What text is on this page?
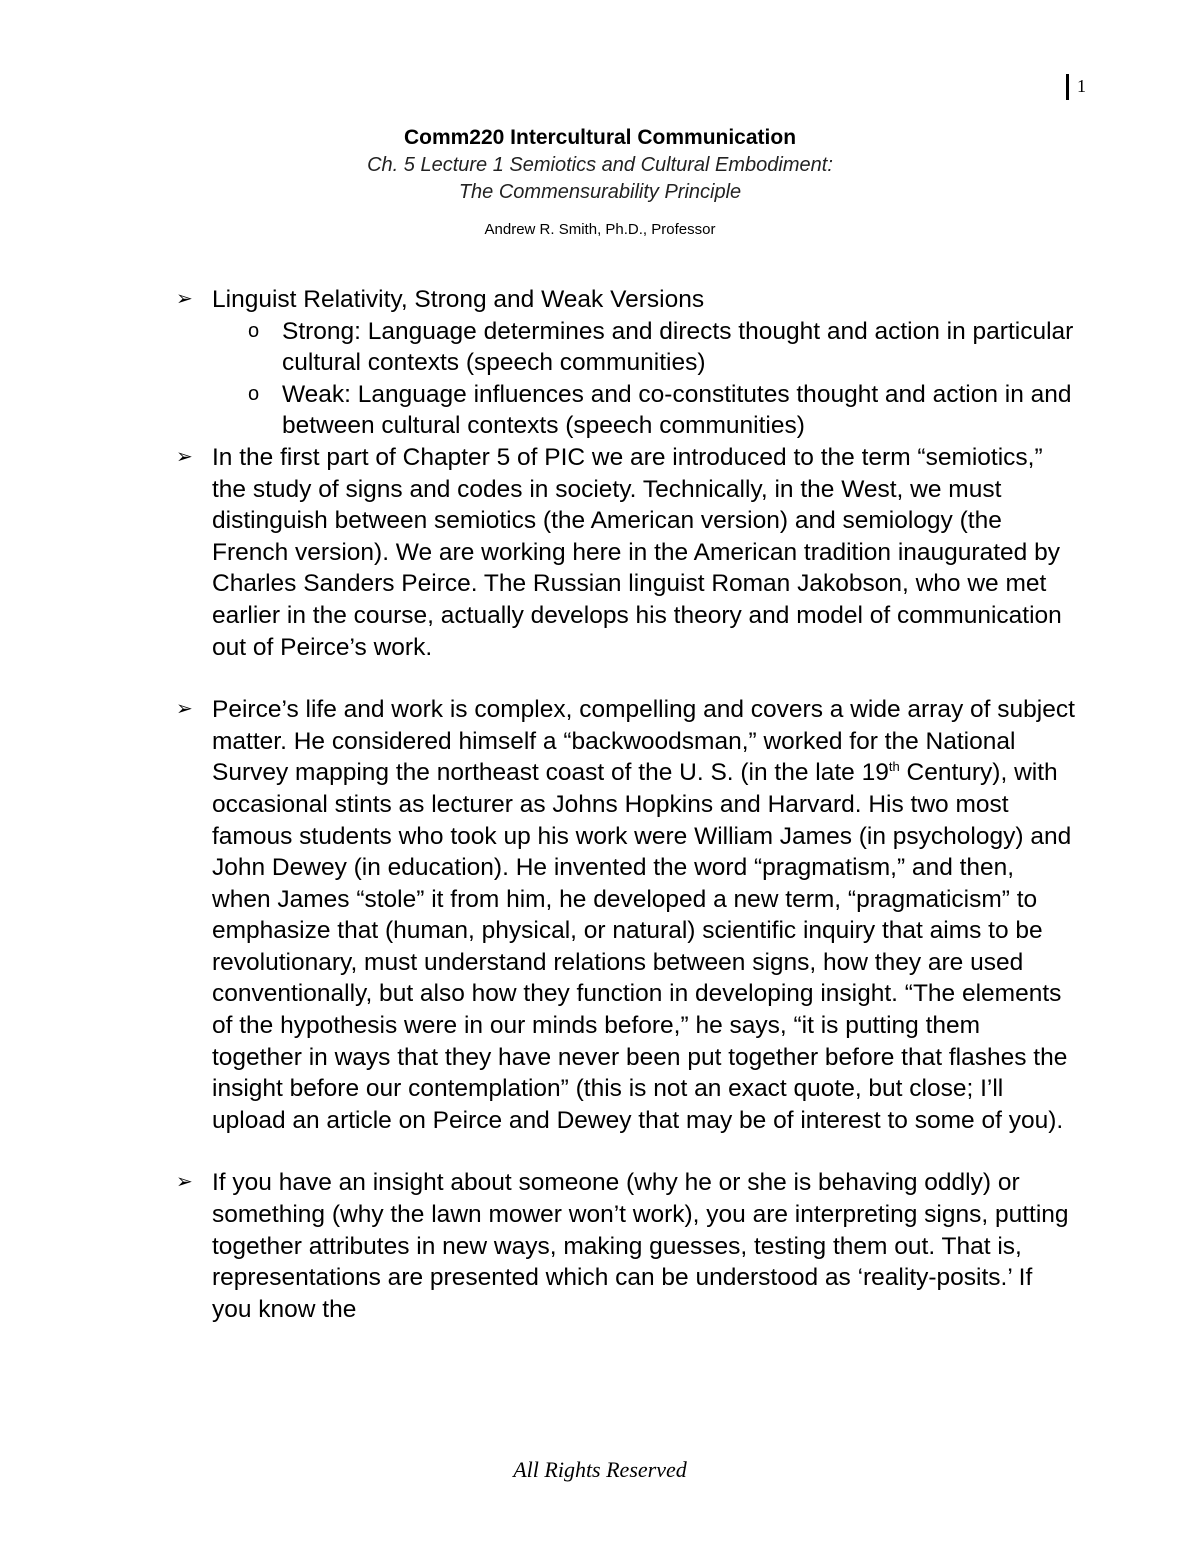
1
Comm220 Intercultural Communication
Ch. 5 Lecture 1 Semiotics and Cultural Embodiment:
The Commensurability Principle
Andrew R. Smith, Ph.D., Professor
➢ Linguist Relativity, Strong and Weak Versions
o Strong: Language determines and directs thought and action in particular cultural contexts (speech communities)
o Weak: Language influences and co-constitutes thought and action in and between cultural contexts (speech communities)
➢ In the first part of Chapter 5 of PIC we are introduced to the term “semiotics,” the study of signs and codes in society. Technically, in the West, we must distinguish between semiotics (the American version) and semiology (the French version). We are working here in the American tradition inaugurated by Charles Sanders Peirce. The Russian linguist Roman Jakobson, who we met earlier in the course, actually develops his theory and model of communication out of Peirce’s work.
➢ Peirce’s life and work is complex, compelling and covers a wide array of subject matter. He considered himself a “backwoodsman,” worked for the National Survey mapping the northeast coast of the U. S. (in the late 19th Century), with occasional stints as lecturer as Johns Hopkins and Harvard. His two most famous students who took up his work were William James (in psychology) and John Dewey (in education). He invented the word “pragmatism,” and then, when James “stole” it from him, he developed a new term, “pragmaticism” to emphasize that (human, physical, or natural) scientific inquiry that aims to be revolutionary, must understand relations between signs, how they are used conventionally, but also how they function in developing insight. “The elements of the hypothesis were in our minds before,” he says, “it is putting them together in ways that they have never been put together before that flashes the insight before our contemplation” (this is not an exact quote, but close; I’ll upload an article on Peirce and Dewey that may be of interest to some of you).
➢ If you have an insight about someone (why he or she is behaving oddly) or something (why the lawn mower won’t work), you are interpreting signs, putting together attributes in new ways, making guesses, testing them out. That is, representations are presented which can be understood as ‘reality-posits.’ If you know the
All Rights Reserved
